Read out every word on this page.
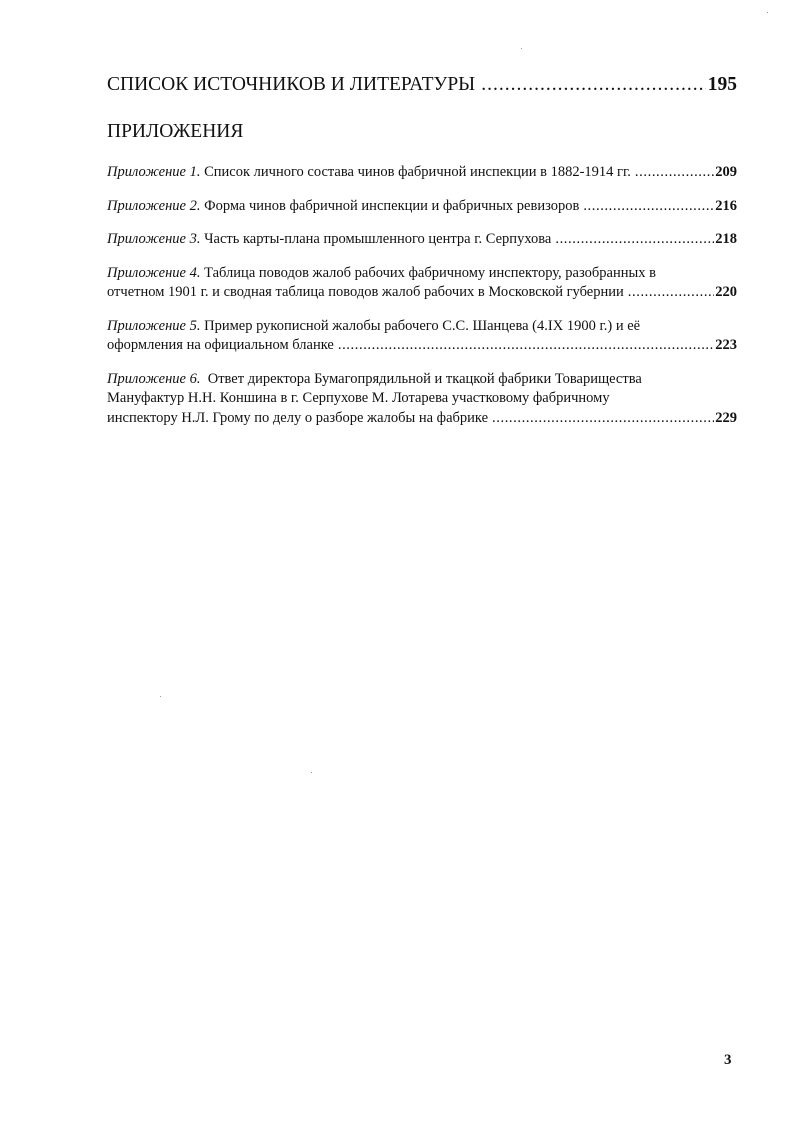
СПИСОК ИСТОЧНИКОВ И ЛИТЕРАТУРЫ .....	195
ПРИЛОЖЕНИЯ
Приложение 1. Список личного состава чинов фабричной инспекции в 1882-1914 гг. .....	209
Приложение 2. Форма чинов фабричной инспекции и фабричных ревизоров .....	216
Приложение 3. Часть карты-плана промышленного центра г. Серпухова .....	218
Приложение 4. Таблица поводов жалоб рабочих фабричному инспектору, разобранных в
отчетном 1901 г. и сводная таблица поводов жалоб рабочих в Московской губернии .....	220
Приложение 5. Пример рукописной жалобы рабочего С.С. Шанцева (4.IX 1900 г.) и её
оформления на официальном бланке .....	223
Приложение 6. Ответ директора Бумагопрядильной и ткацкой фабрики Товарищества
Мануфактур Н.Н. Коншина в г. Серпухове М. Лотарева участковому фабричному
инспектору Н.Л. Грому по делу о разборе жалобы на фабрике .....	229
3
